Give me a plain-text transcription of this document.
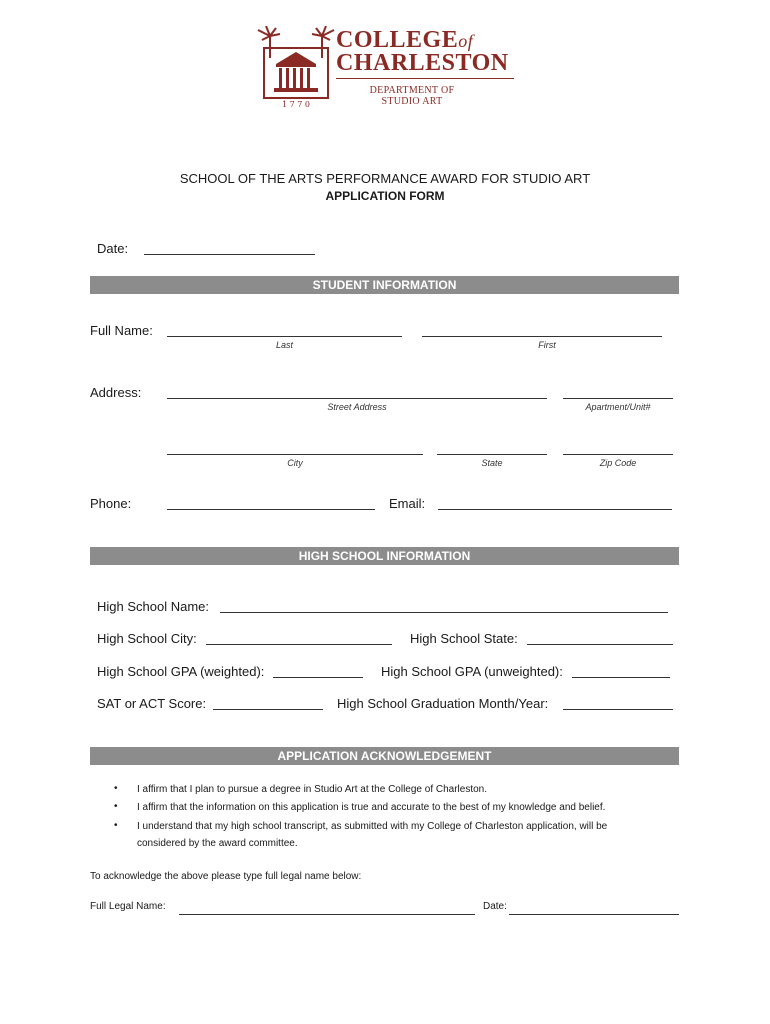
1 7 7 0
COLLEGEof
CHARLESTON
DEPARTMENT OF
STUDIO ART
SCHOOL OF THE ARTS PERFORMANCE AWARD FOR STUDIO ART
APPLICATION FORM
Date:
STUDENT INFORMATION
Full Name:
Last	First
Address:
Street Address	Apartment/Unit#
City	State	Zip Code
Phone:	Email:
HIGH SCHOOL INFORMATION
High School Name:
High School City:	High School State:
High School GPA (weighted):	High School GPA (unweighted):
SAT or ACT Score:	High School Graduation Month/Year:
APPLICATION ACKNOWLEDGEMENT
• I affirm that I plan to pursue a degree in Studio Art at the College of Charleston.
• I affirm that the information on this application is true and accurate to the best of my knowledge and belief.
• I understand that my high school transcript, as submitted with my College of Charleston application, will be
considered by the award committee.
To acknowledge the above please type full legal name below:
Full Legal Name:	Date:
